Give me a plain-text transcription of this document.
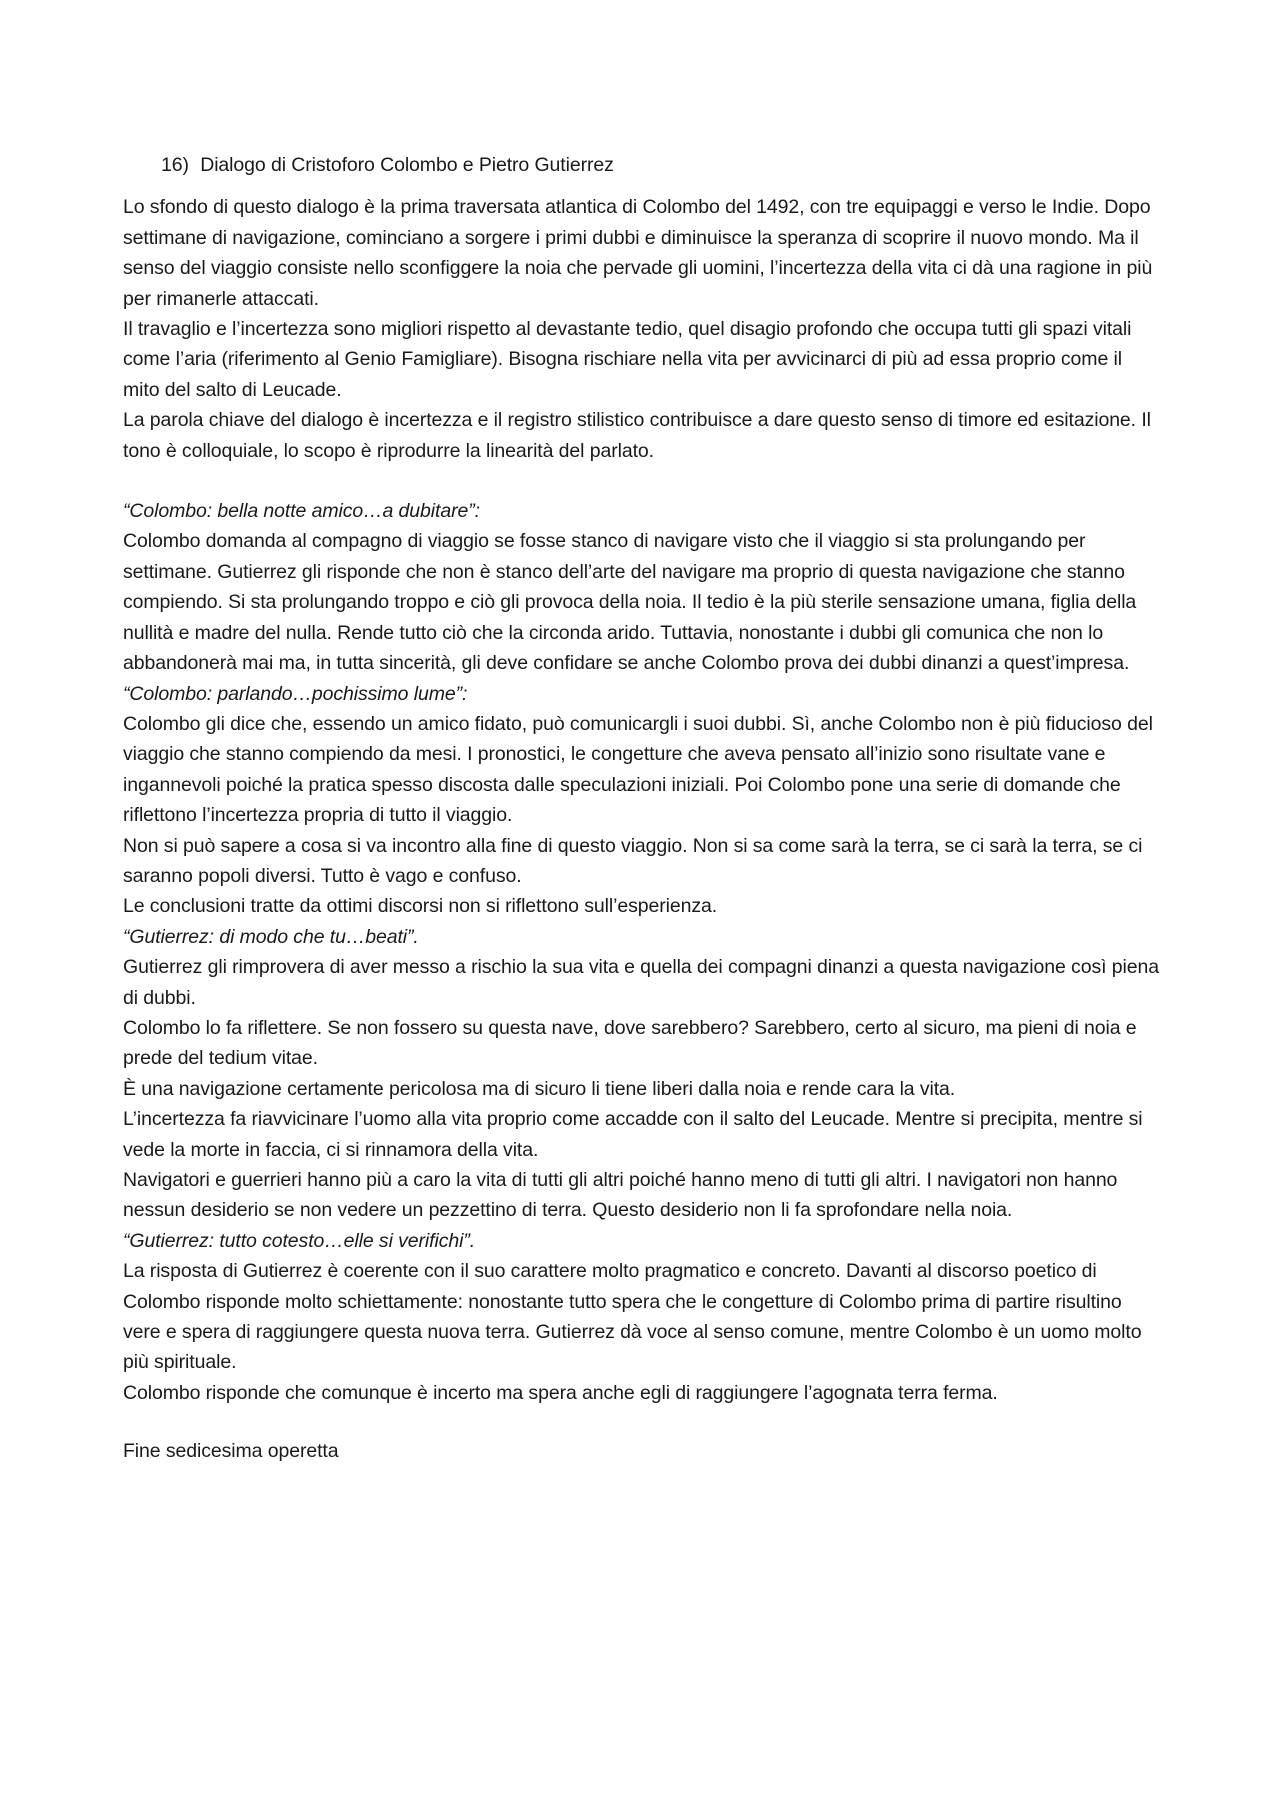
16) Dialogo di Cristoforo Colombo e Pietro Gutierrez

Lo sfondo di questo dialogo è la prima traversata atlantica di Colombo del 1492, con tre equipaggi e verso le Indie. Dopo settimane di navigazione, cominciano a sorgere i primi dubbi e diminuisce la speranza di scoprire il nuovo mondo. Ma il senso del viaggio consiste nello sconfiggere la noia che pervade gli uomini, l’incertezza della vita ci dà una ragione in più per rimanerle attaccati.

Il travaglio e l’incertezza sono migliori rispetto al devastante tedio, quel disagio profondo che occupa tutti gli spazi vitali come l’aria (riferimento al Genio Famigliare). Bisogna rischiare nella vita per avvicinarci di più ad essa proprio come il mito del salto di Leucade.

La parola chiave del dialogo è incertezza e il registro stilistico contribuisce a dare questo senso di timore ed esitazione. Il tono è colloquiale, lo scopo è riprodurre la linearità del parlato.

“Colombo: bella notte amico…a dubitare”:

Colombo domanda al compagno di viaggio se fosse stanco di navigare visto che il viaggio si sta prolungando per settimane. Gutierrez gli risponde che non è stanco dell’arte del navigare ma proprio di questa navigazione che stanno compiendo. Si sta prolungando troppo e ciò gli provoca della noia. Il tedio è la più sterile sensazione umana, figlia della nullità e madre del nulla. Rende tutto ciò che la circonda arido. Tuttavia, nonostante i dubbi gli comunica che non lo abbandonerà mai ma, in tutta sincerità, gli deve confidare se anche Colombo prova dei dubbi dinanzi a quest’impresa.

“Colombo: parlando…pochissimo lume”:

Colombo gli dice che, essendo un amico fidato, può comunicargli i suoi dubbi. Sì, anche Colombo non è più fiducioso del viaggio che stanno compiendo da mesi. I pronostici, le congetture che aveva pensato all’inizio sono risultate vane e ingannevoli poiché la pratica spesso discosta dalle speculazioni iniziali. Poi Colombo pone una serie di domande che riflettono l’incertezza propria di tutto il viaggio.

Non si può sapere a cosa si va incontro alla fine di questo viaggio. Non si sa come sarà la terra, se ci sarà la terra, se ci saranno popoli diversi. Tutto è vago e confuso.

Le conclusioni tratte da ottimi discorsi non si riflettono sull’esperienza.

“Gutierrez: di modo che tu…beati”.

Gutierrez gli rimprovera di aver messo a rischio la sua vita e quella dei compagni dinanzi a questa navigazione così piena di dubbi.

Colombo lo fa riflettere. Se non fossero su questa nave, dove sarebbero? Sarebbero, certo al sicuro, ma pieni di noia e prede del tedium vitae.

È una navigazione certamente pericolosa ma di sicuro li tiene liberi dalla noia e rende cara la vita.

L’incertezza fa riavvicinare l’uomo alla vita proprio come accadde con il salto del Leucade. Mentre si precipita, mentre si vede la morte in faccia, ci si rinnamora della vita.

Navigatori e guerrieri hanno più a caro la vita di tutti gli altri poiché hanno meno di tutti gli altri. I navigatori non hanno nessun desiderio se non vedere un pezzettino di terra. Questo desiderio non li fa sprofondare nella noia.

“Gutierrez: tutto cotesto…elle si verifichi”.

La risposta di Gutierrez è coerente con il suo carattere molto pragmatico e concreto. Davanti al discorso poetico di Colombo risponde molto schiettamente: nonostante tutto spera che le congetture di Colombo prima di partire risultino vere e spera di raggiungere questa nuova terra. Gutierrez dà voce al senso comune, mentre Colombo è un uomo molto più spirituale.

Colombo risponde che comunque è incerto ma spera anche egli di raggiungere l’agognata terra ferma.

Fine sedicesima operetta
